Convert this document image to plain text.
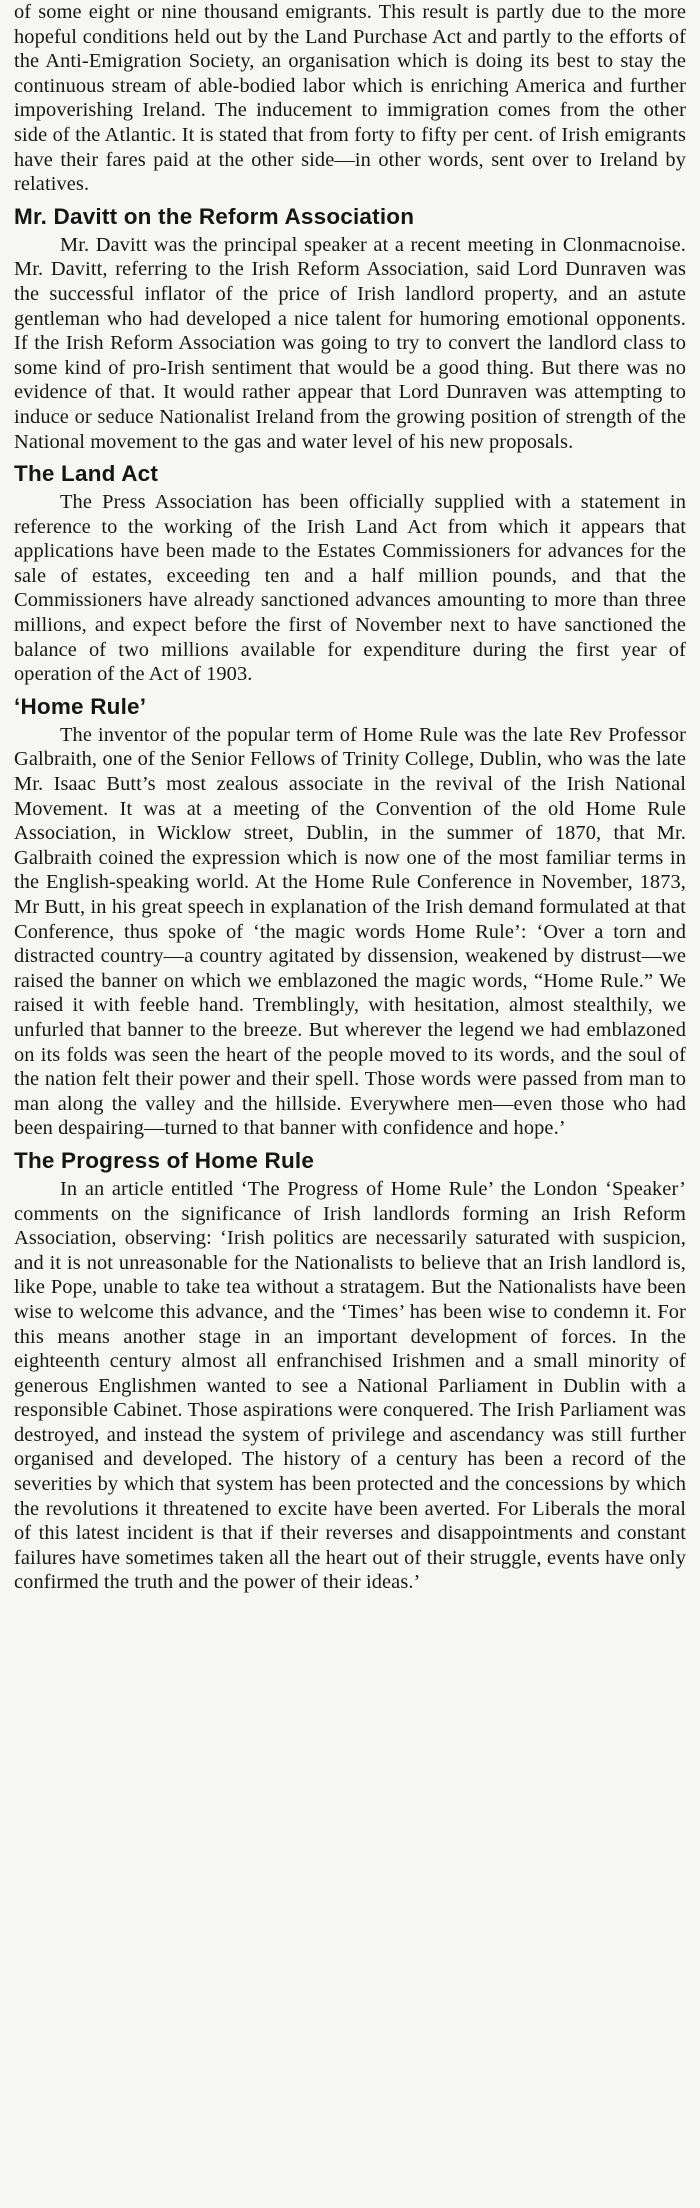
of some eight or nine thousand emigrants. This result is partly due to the more hopeful conditions held out by the Land Purchase Act and partly to the efforts of the Anti-Emigration Society, an organisation which is doing its best to stay the continuous stream of able-bodied labor which is enriching America and further impoverishing Ireland. The inducement to immigration comes from the other side of the Atlantic. It is stated that from forty to fifty per cent. of Irish emigrants have their fares paid at the other side—in other words, sent over to Ireland by relatives.

Mr. Davitt on the Reform Association

Mr. Davitt was the principal speaker at a recent meeting in Clonmacnoise. Mr. Davitt, referring to the Irish Reform Association, said Lord Dunraven was the successful inflator of the price of Irish landlord property, and an astute gentleman who had developed a nice talent for humoring emotional opponents. If the Irish Reform Association was going to try to convert the landlord class to some kind of pro-Irish sentiment that would be a good thing. But there was no evidence of that. It would rather appear that Lord Dunraven was attempting to induce or seduce Nationalist Ireland from the growing position of strength of the National movement to the gas and water level of his new proposals.

The Land Act

The Press Association has been officially supplied with a statement in reference to the working of the Irish Land Act from which it appears that applications have been made to the Estates Commissioners for advances for the sale of estates, exceeding ten and a half million pounds, and that the Commissioners have already sanctioned advances amounting to more than three millions, and expect before the first of November next to have sanctioned the balance of two millions available for expenditure during the first year of operation of the Act of 1903.

‘Home Rule’

The inventor of the popular term of Home Rule was the late Rev Professor Galbraith, one of the Senior Fellows of Trinity College, Dublin, who was the late Mr. Isaac Butt’s most zealous associate in the revival of the Irish National Movement. It was at a meeting of the Convention of the old Home Rule Association, in Wicklow street, Dublin, in the summer of 1870, that Mr. Galbraith coined the expression which is now one of the most familiar terms in the English-speaking world. At the Home Rule Conference in November, 1873, Mr Butt, in his great speech in explanation of the Irish demand formulated at that Conference, thus spoke of ‘the magic words Home Rule’: ‘Over a torn and distracted country—a country agitated by dissension, weakened by distrust—we raised the banner on which we emblazoned the magic words, “Home Rule.” We raised it with feeble hand. Tremblingly, with hesitation, almost stealthily, we unfurled that banner to the breeze. But wherever the legend we had emblazoned on its folds was seen the heart of the people moved to its words, and the soul of the nation felt their power and their spell. Those words were passed from man to man along the valley and the hillside. Everywhere men—even those who had been despairing—turned to that banner with confidence and hope.’

The Progress of Home Rule

In an article entitled ‘The Progress of Home Rule’ the London ‘Speaker’ comments on the significance of Irish landlords forming an Irish Reform Association, observing: ‘Irish politics are necessarily saturated with suspicion, and it is not unreasonable for the Nationalists to believe that an Irish landlord is, like Pope, unable to take tea without a stratagem. But the Nationalists have been wise to welcome this advance, and the ‘Times’ has been wise to condemn it. For this means another stage in an important development of forces. In the eighteenth century almost all enfranchised Irishmen and a small minority of generous Englishmen wanted to see a National Parliament in Dublin with a responsible Cabinet. Those aspirations were conquered. The Irish Parliament was destroyed, and instead the system of privilege and ascendancy was still further organised and developed. The history of a century has been a record of the severities by which that system has been protected and the concessions by which the revolutions it threatened to excite have been averted. For Liberals the moral of this latest incident is that if their reverses and disappointments and constant failures have sometimes taken all the heart out of their struggle, events have only confirmed the truth and the power of their ideas.’
